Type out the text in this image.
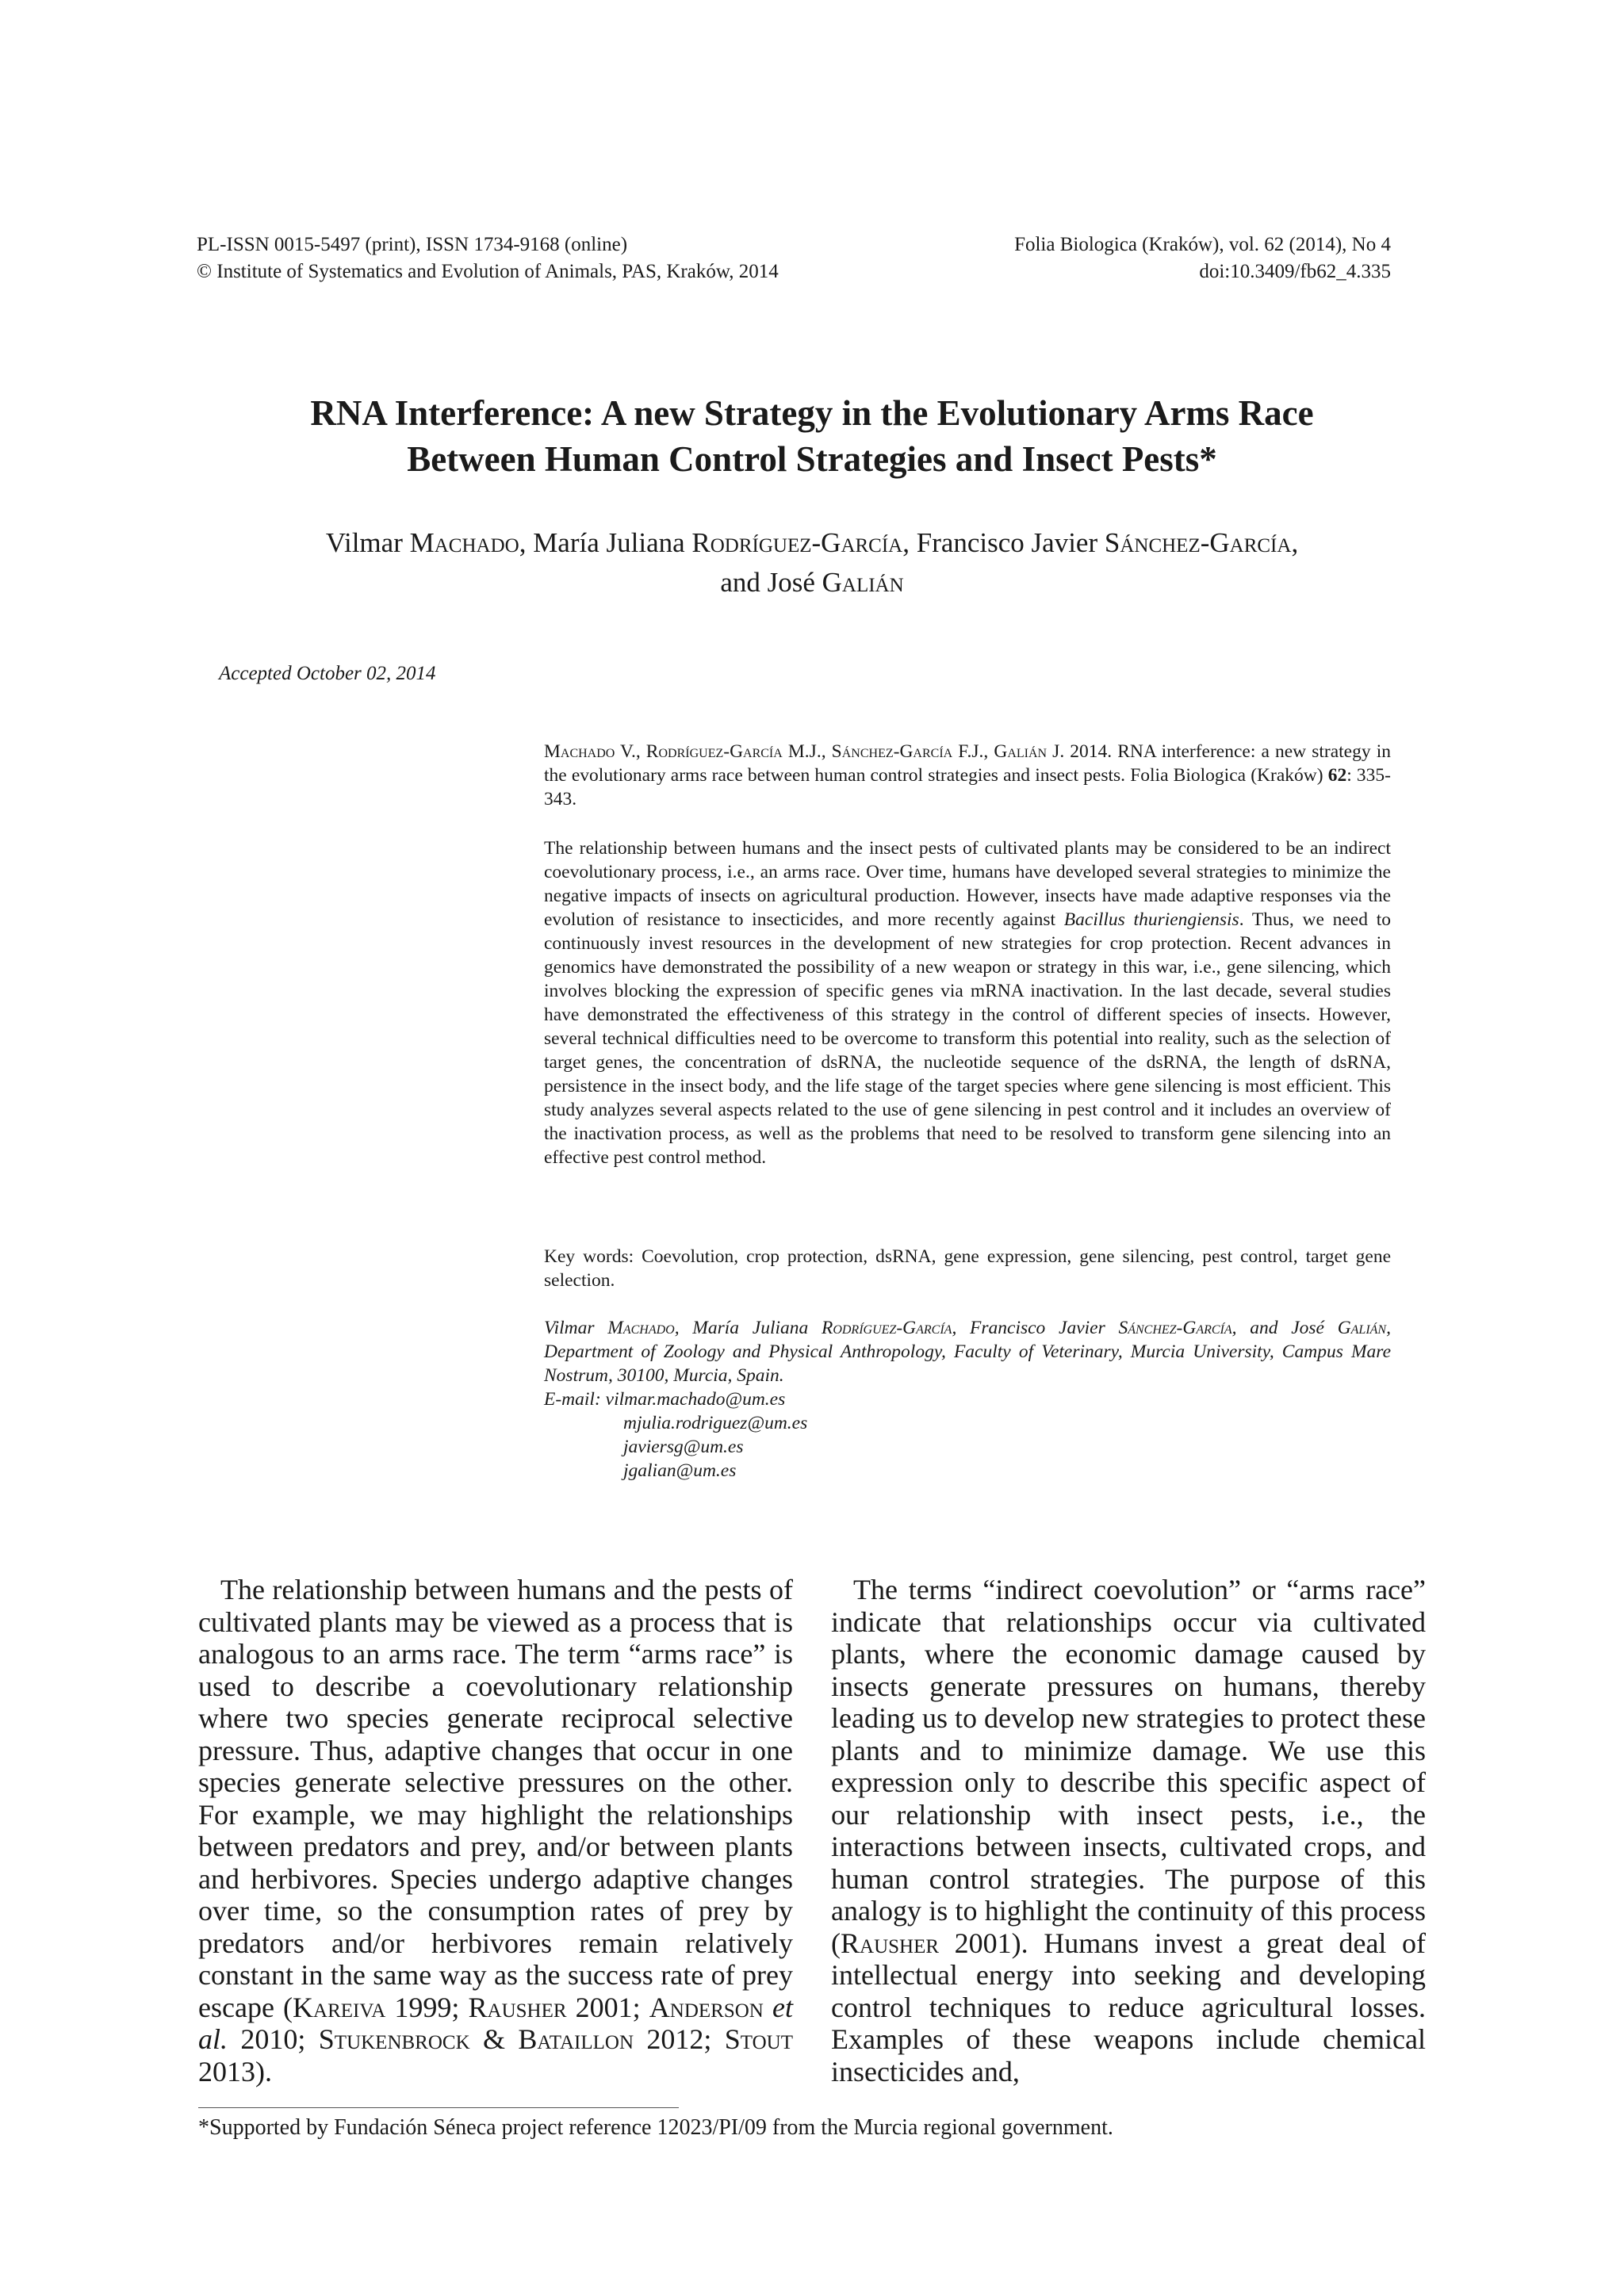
PL-ISSN 0015-5497 (print), ISSN 1734-9168 (online)
© Institute of Systematics and Evolution of Animals, PAS, Kraków, 2014
Folia Biologica (Kraków), vol. 62 (2014), No 4
doi:10.3409/fb62_4.335
RNA Interference: A new Strategy in the Evolutionary Arms Race
Between Human Control Strategies and Insect Pests*
Vilmar Machado, María Juliana Rodríguez-García, Francisco Javier Sánchez-García,
and José Galián
Accepted October 02, 2014
Machado V., Rodríguez-García M.J., Sánchez-García F.J., Galián J. 2014. RNA interference: a new strategy in the evolutionary arms race between human control strategies and insect pests. Folia Biologica (Kraków) 62: 335-343.
The relationship between humans and the insect pests of cultivated plants may be considered to be an indirect coevolutionary process, i.e., an arms race. Over time, humans have developed several strategies to minimize the negative impacts of insects on agricultural production. However, insects have made adaptive responses via the evolution of resistance to insecticides, and more recently against Bacillus thuriengiensis. Thus, we need to continuously invest resources in the development of new strategies for crop protection. Recent advances in genomics have demonstrated the possibility of a new weapon or strategy in this war, i.e., gene silencing, which involves blocking the expression of specific genes via mRNA inactivation. In the last decade, several studies have demonstrated the effectiveness of this strategy in the control of different species of insects. However, several technical difficulties need to be overcome to transform this potential into reality, such as the selection of target genes, the concentration of dsRNA, the nucleotide sequence of the dsRNA, the length of dsRNA, persistence in the insect body, and the life stage of the target species where gene silencing is most efficient. This study analyzes several aspects related to the use of gene silencing in pest control and it includes an overview of the inactivation process, as well as the problems that need to be resolved to transform gene silencing into an effective pest control method.
Key words: Coevolution, crop protection, dsRNA, gene expression, gene silencing, pest control, target gene selection.
Vilmar Machado, María Juliana Rodríguez-García, Francisco Javier Sánchez-García, and José Galián, Department of Zoology and Physical Anthropology, Faculty of Veterinary, Murcia University, Campus Mare Nostrum, 30100, Murcia, Spain.
E-mail: vilmar.machado@um.es
mjulia.rodriguez@um.es
javiersg@um.es
jgalian@um.es

The relationship between humans and the pests of cultivated plants may be viewed as a process that is analogous to an arms race. The term “arms race” is used to describe a coevolutionary relationship where two species generate reciprocal selective pressure. Thus, adaptive changes that occur in one species generate selective pressures on the other. For example, we may highlight the relationships between predators and prey, and/or between plants and herbivores. Species undergo adaptive changes over time, so the consumption rates of prey by predators and/or herbivores remain relatively constant in the same way as the success rate of prey escape (Kareiva 1999; Rausher 2001; Anderson et al. 2010; Stukenbrock & Bataillon 2012; Stout 2013).

The terms “indirect coevolution” or “arms race” indicate that relationships occur via cultivated plants, where the economic damage caused by insects generate pressures on humans, thereby leading us to develop new strategies to protect these plants and to minimize damage. We use this expression only to describe this specific aspect of our relationship with insect pests, i.e., the interactions between insects, cultivated crops, and human control strategies. The purpose of this analogy is to highlight the continuity of this process (Rausher 2001). Humans invest a great deal of intellectual energy into seeking and developing control techniques to reduce agricultural losses. Examples of these weapons include chemical insecticides and,

*Supported by Fundación Séneca project reference 12023/PI/09 from the Murcia regional government.
